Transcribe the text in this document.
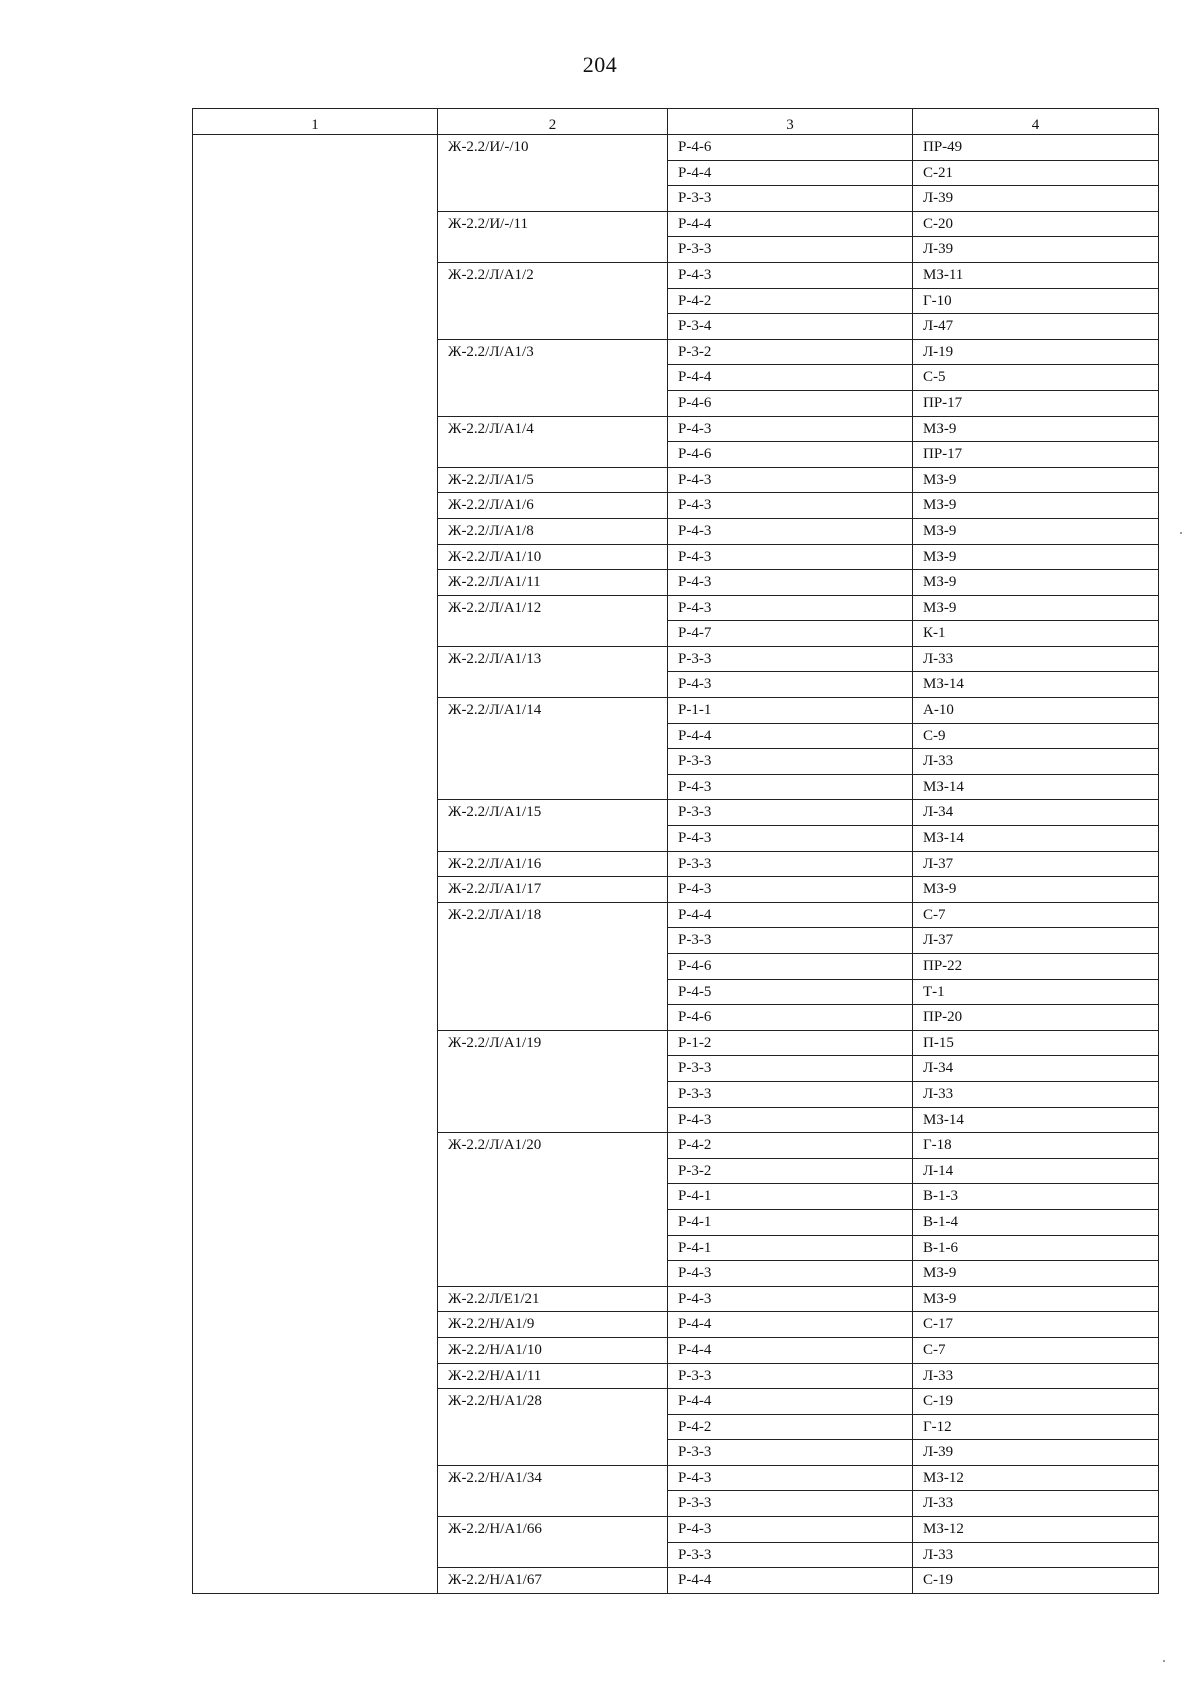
204
1	2	3	4
	Ж-2.2/И/-/10	Р-4-6	ПР-49
		Р-4-4	С-21
		Р-3-3	Л-39
	Ж-2.2/И/-/11	Р-4-4	С-20
		Р-3-3	Л-39
	Ж-2.2/Л/А1/2	Р-4-3	МЗ-11
		Р-4-2	Г-10
		Р-3-4	Л-47
	Ж-2.2/Л/А1/3	Р-3-2	Л-19
		Р-4-4	С-5
		Р-4-6	ПР-17
	Ж-2.2/Л/А1/4	Р-4-3	МЗ-9
		Р-4-6	ПР-17
	Ж-2.2/Л/А1/5	Р-4-3	МЗ-9
	Ж-2.2/Л/А1/6	Р-4-3	МЗ-9
	Ж-2.2/Л/А1/8	Р-4-3	МЗ-9
	Ж-2.2/Л/А1/10	Р-4-3	МЗ-9
	Ж-2.2/Л/А1/11	Р-4-3	МЗ-9
	Ж-2.2/Л/А1/12	Р-4-3	МЗ-9
		Р-4-7	К-1
	Ж-2.2/Л/А1/13	Р-3-3	Л-33
		Р-4-3	МЗ-14
	Ж-2.2/Л/А1/14	Р-1-1	А-10
		Р-4-4	С-9
		Р-3-3	Л-33
		Р-4-3	МЗ-14
	Ж-2.2/Л/А1/15	Р-3-3	Л-34
		Р-4-3	МЗ-14
	Ж-2.2/Л/А1/16	Р-3-3	Л-37
	Ж-2.2/Л/А1/17	Р-4-3	МЗ-9
	Ж-2.2/Л/А1/18	Р-4-4	С-7
		Р-3-3	Л-37
		Р-4-6	ПР-22
		Р-4-5	Т-1
		Р-4-6	ПР-20
	Ж-2.2/Л/А1/19	Р-1-2	П-15
		Р-3-3	Л-34
		Р-3-3	Л-33
		Р-4-3	МЗ-14
	Ж-2.2/Л/А1/20	Р-4-2	Г-18
		Р-3-2	Л-14
		Р-4-1	В-1-3
		Р-4-1	В-1-4
		Р-4-1	В-1-6
		Р-4-3	МЗ-9
	Ж-2.2/Л/Е1/21	Р-4-3	МЗ-9
	Ж-2.2/Н/А1/9	Р-4-4	С-17
	Ж-2.2/Н/А1/10	Р-4-4	С-7
	Ж-2.2/Н/А1/11	Р-3-3	Л-33
	Ж-2.2/Н/А1/28	Р-4-4	С-19
		Р-4-2	Г-12
		Р-3-3	Л-39
	Ж-2.2/Н/А1/34	Р-4-3	МЗ-12
		Р-3-3	Л-33
	Ж-2.2/Н/А1/66	Р-4-3	МЗ-12
		Р-3-3	Л-33
	Ж-2.2/Н/А1/67	Р-4-4	С-19
